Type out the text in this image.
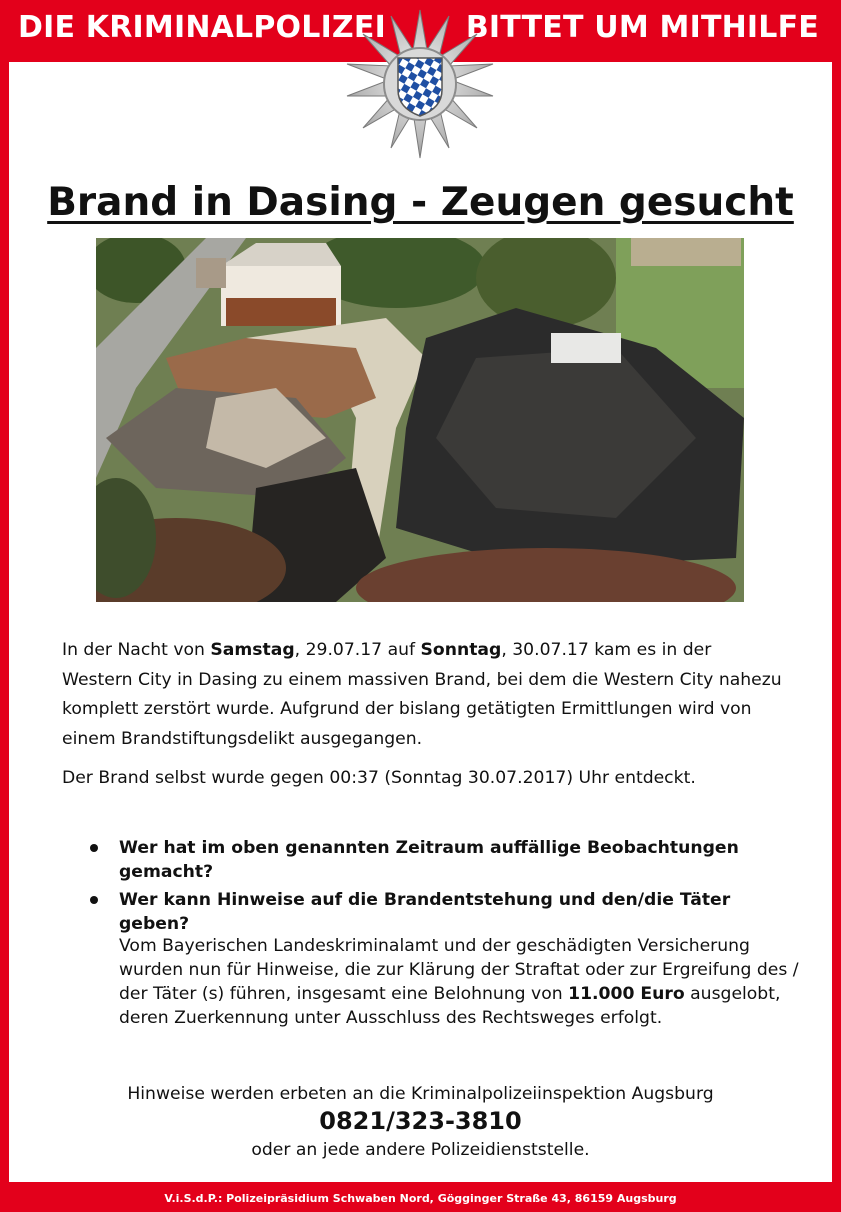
DIE KRIMINALPOLIZEI	BITTET UM MITHILFE
Brand in Dasing - Zeugen gesucht
In der Nacht von Samstag, 29.07.17 auf Sonntag, 30.07.17 kam es in der Western City in Dasing zu einem massiven Brand, bei dem die Western City nahezu komplett zerstört wurde. Aufgrund der bislang getätigten Ermittlungen wird von einem Brandstiftungsdelikt ausgegangen.
Der Brand selbst wurde gegen 00:37 (Sonntag 30.07.2017) Uhr entdeckt.
Wer hat im oben genannten Zeitraum auffällige Beobachtungen gemacht?
Wer kann Hinweise auf die Brandentstehung und den/die Täter geben?
Vom Bayerischen Landeskriminalamt und der geschädigten Versicherung wurden nun für Hinweise, die zur Klärung der Straftat oder zur Ergreifung des / der Täter (s) führen, insgesamt eine Belohnung von 11.000 Euro ausgelobt, deren Zuerkennung unter Ausschluss des Rechtsweges erfolgt.
Hinweise werden erbeten an die Kriminalpolizeiinspektion Augsburg
0821/323-3810
oder an jede andere Polizeidienststelle.
V.i.S.d.P.: Polizeipräsidium Schwaben Nord, Gögginger Straße 43, 86159 Augsburg
